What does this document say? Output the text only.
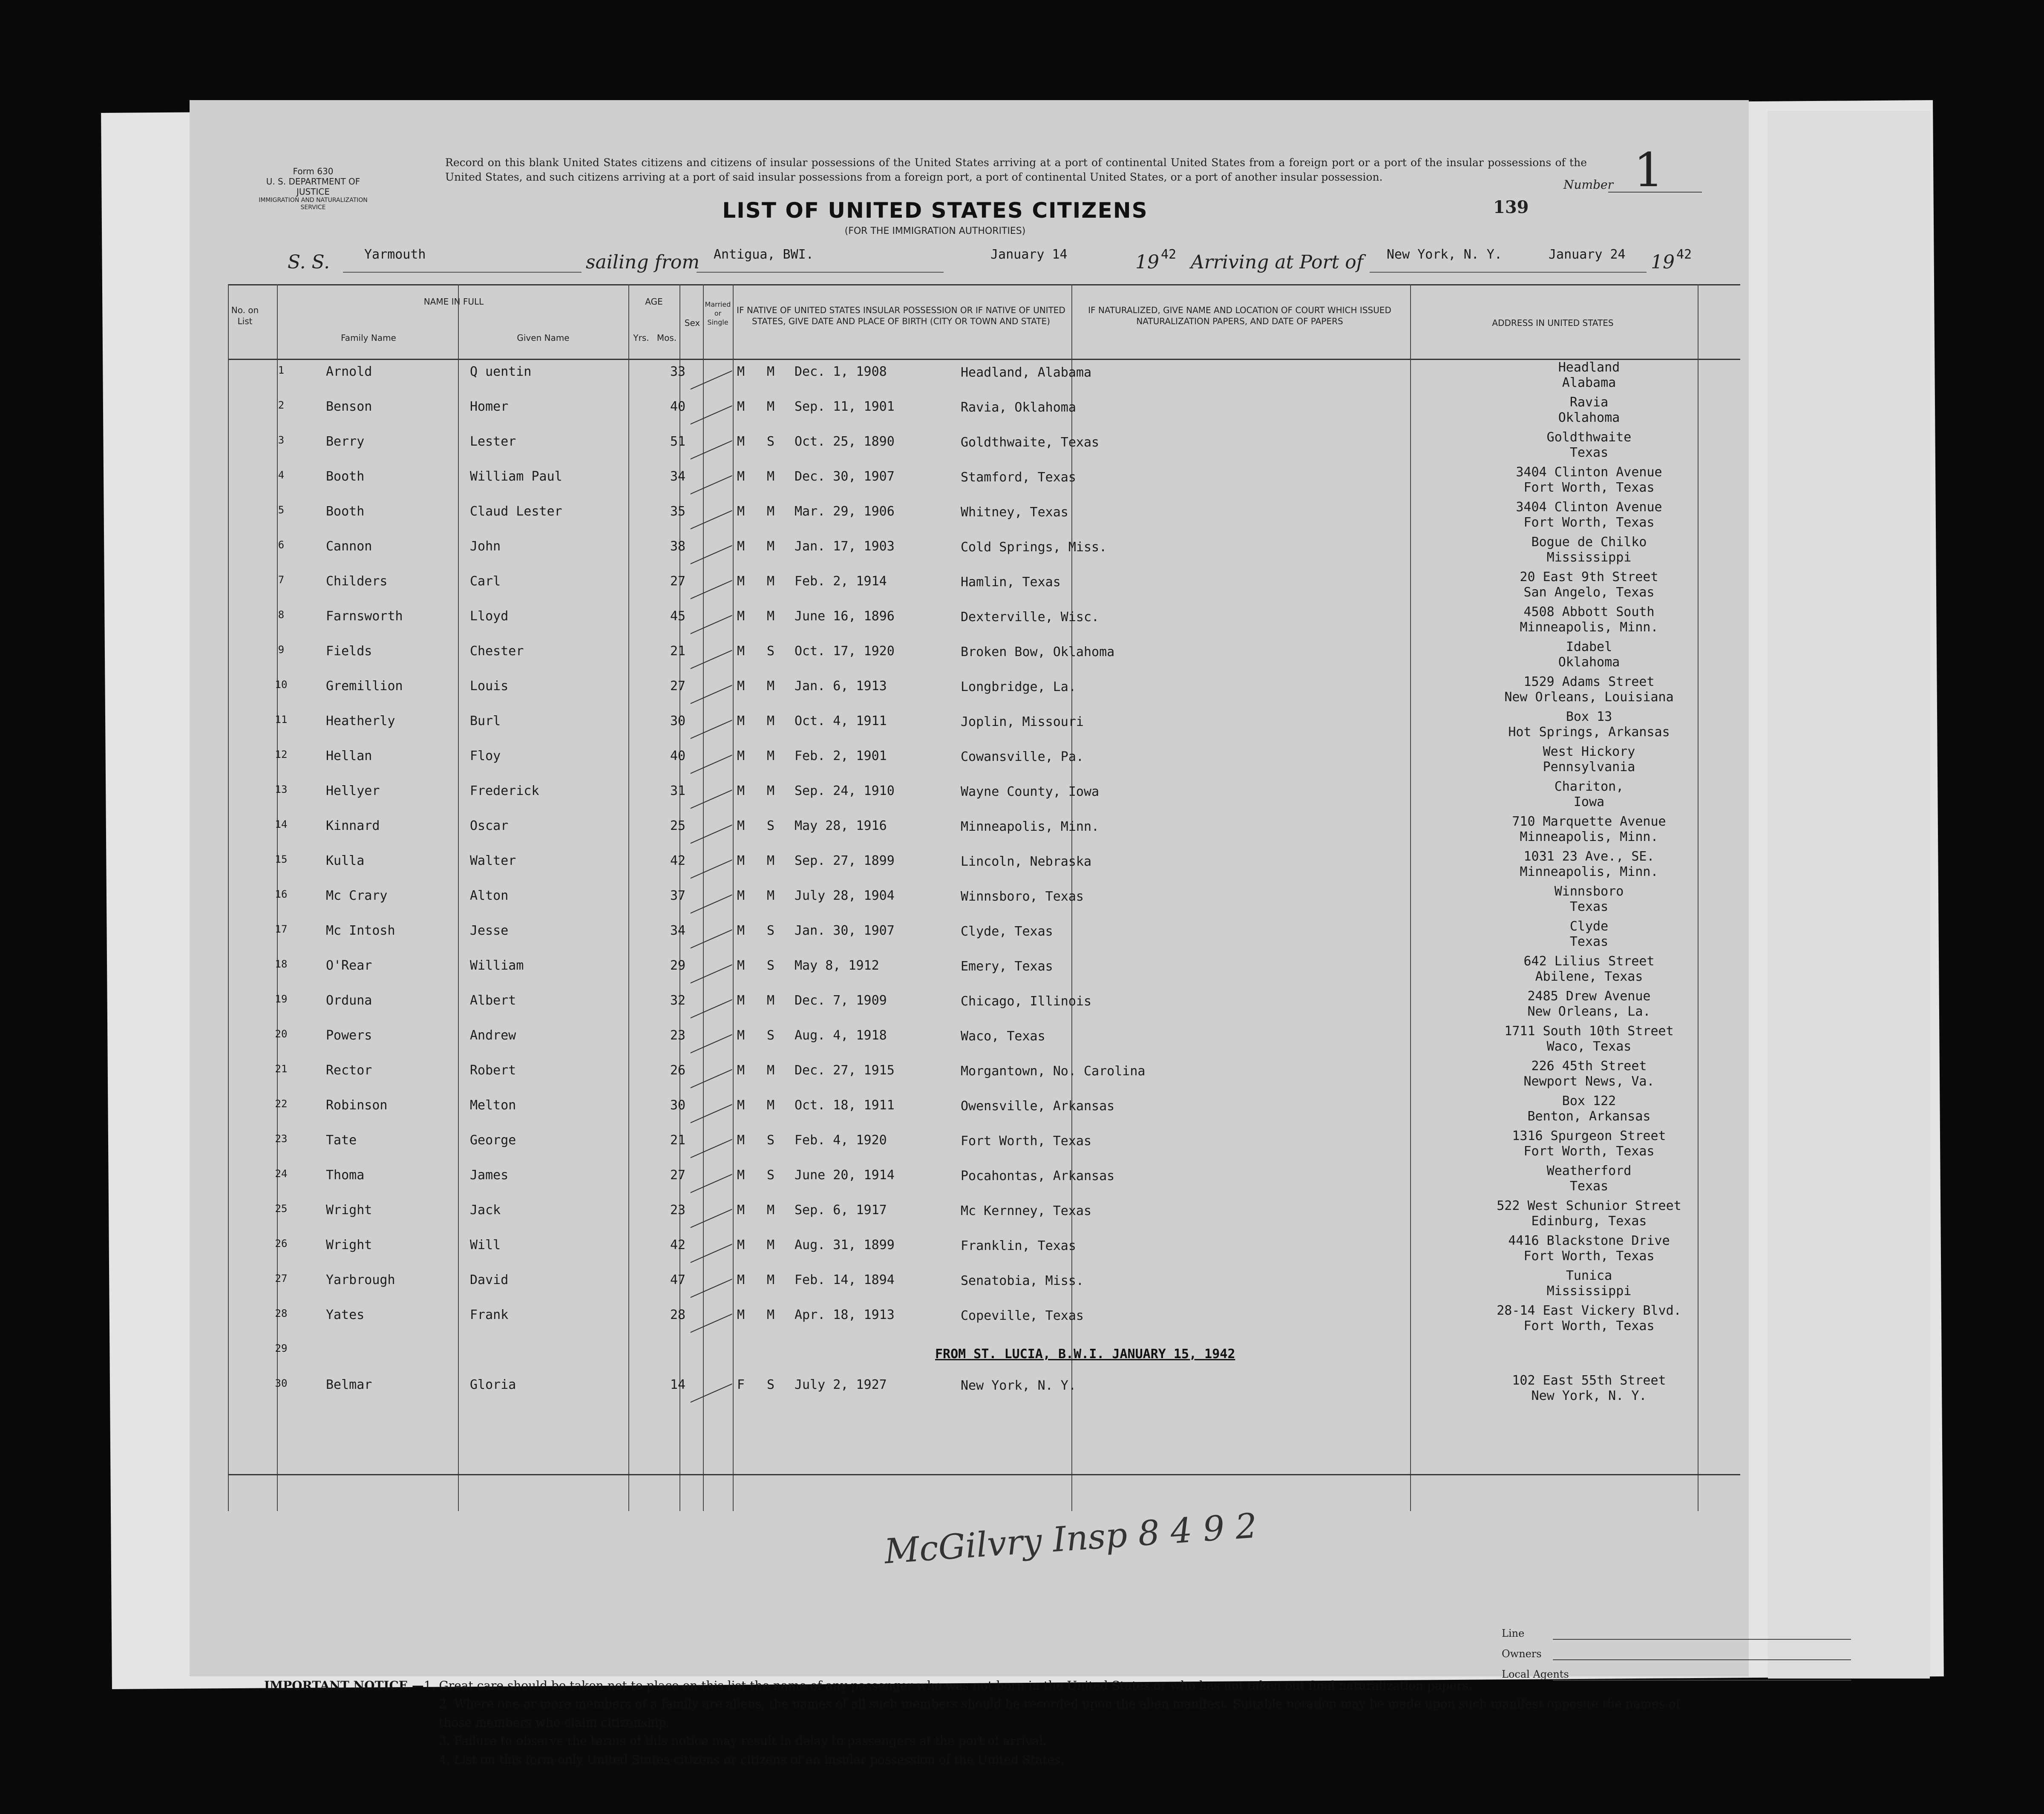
Form 630
U. S. DEPARTMENT OF JUSTICE
IMMIGRATION AND NATURALIZATION SERVICE
Record on this blank United States citizens and citizens of insular possessions of the United States arriving at a port of continental United States from a foreign port or a port of the insular possessions of the United States, and such citizens arriving at a port of said insular possessions from a foreign port, a port of continental United States, or a port of another insular possession.
Number 1
LIST OF UNITED STATES CITIZENS
(FOR THE IMMIGRATION AUTHORITIES)
139
S. S.	Yarmouth	sailing from Antigua, BWI.	January 14	19 42 Arriving at Port of New York, N. Y.	January 24 19 42
No. on List
NAME IN FULL
Family Name	Given Name
AGE
Yrs. Mos.
Sex
Married or Single
IF NATIVE OF UNITED STATES INSULAR POSSESSION OR IF NATIVE OF UNITED STATES, GIVE DATE AND PLACE OF BIRTH (CITY OR TOWN AND STATE)
IF NATURALIZED, GIVE NAME AND LOCATION OF COURT WHICH ISSUED NATURALIZATION PAPERS, AND DATE OF PAPERS	ADDRESS IN UNITED STATES
1	Arnold	Q uentin	33	M M Dec. 1, 1908	Headland, Alabama	Headland
Alabama
2	Benson	Homer	40	M M Sep. 11, 1901	Ravia, Oklahoma	Ravia
Oklahoma
3	Berry	Lester	51	M S Oct. 25, 1890	Goldthwaite, Texas	Goldthwaite
Texas
4	Booth	William Paul	34	M M Dec. 30, 1907	Stamford, Texas	3404 Clinton Avenue
Fort Worth, Texas
5	Booth	Claud Lester	35	M M Mar. 29, 1906	Whitney, Texas	3404 Clinton Avenue
Fort Worth, Texas
6	Cannon	John	38	M M Jan. 17, 1903	Cold Springs, Miss.	Bogue de Chilko
Mississippi
7	Childers	Carl	27	M M Feb. 2, 1914	Hamlin, Texas	20 East 9th Street
San Angelo, Texas
8	Farnsworth	Lloyd	45	M M June 16, 1896	Dexterville, Wisc.	4508 Abbott South
Minneapolis, Minn.
9	Fields	Chester	21	M S Oct. 17, 1920	Broken Bow, Oklahoma	Idabel
Oklahoma
10	Gremillion	Louis	27	M M Jan. 6, 1913	Longbridge, La.	1529 Adams Street
New Orleans, Louisiana
11	Heatherly	Burl	30	M M Oct. 4, 1911	Joplin, Missouri	Box 13
Hot Springs, Arkansas
12	Hellan	Floy	40	M M Feb. 2, 1901	Cowansville, Pa.	West Hickory
Pennsylvania
13	Hellyer	Frederick	31	M M Sep. 24, 1910	Wayne County, Iowa	Chariton,
Iowa
14	Kinnard	Oscar	25	M S May 28, 1916	Minneapolis, Minn.	710 Marquette Avenue
Minneapolis, Minn.
15	Kulla	Walter	42	M M Sep. 27, 1899	Lincoln, Nebraska	1031 23 Ave., SE.
Minneapolis, Minn.
16	Mc Crary	Alton	37	M M July 28, 1904	Winnsboro, Texas	Winnsboro
Texas
17	Mc Intosh	Jesse	34	M S Jan. 30, 1907	Clyde, Texas	Clyde
Texas
18	O'Rear	William	29	M S May 8, 1912	Emery, Texas	642 Lilius Street
Abilene, Texas
19	Orduna	Albert	32	M M Dec. 7, 1909	Chicago, Illinois	2485 Drew Avenue
New Orleans, La.
20	Powers	Andrew	23	M S Aug. 4, 1918	Waco, Texas	1711 South 10th Street
Waco, Texas
21	Rector	Robert	26	M M Dec. 27, 1915	Morgantown, No. Carolina	226 45th Street
Newport News, Va.
22	Robinson	Melton	30	M M Oct. 18, 1911	Owensville, Arkansas	Box 122
Benton, Arkansas
23	Tate	George	21	M S Feb. 4, 1920	Fort Worth, Texas	1316 Spurgeon Street
Fort Worth, Texas
24	Thoma	James	27	M S June 20, 1914	Pocahontas, Arkansas	Weatherford
Texas
25	Wright	Jack	23	M M Sep. 6, 1917	Mc Kernney, Texas	522 West Schunior Street
Edinburg, Texas
26	Wright	Will	42	M M Aug. 31, 1899	Franklin, Texas	4416 Blackstone Drive
Fort Worth, Texas
27	Yarbrough	David	47	M M Feb. 14, 1894	Senatobia, Miss.	Tunica
Mississippi
28	Yates	Frank	28	M M Apr. 18, 1913	Copeville, Texas	28-14 East Vickery Blvd.
Fort Worth, Texas
29
30	Belmar	Gloria	14	F S July 2, 1927	New York, N. Y.	102 East 55th Street
New York, N. Y.
FROM ST. LUCIA, B.W.I. JANUARY 15, 1942
McGilvry Insp 8 4 9 2
Line
Owners
Local Agents

IMPORTANT NOTICE.—1. Great care should be taken not to place on this list the name of any passenger who was not born in the United States or who has not taken out final naturalization papers.

2. Where one or more members of a family are aliens, the names of all such members should be recorded upon the alien manifest. Suitable notation may be made upon such manifest opposite the names of those members who claim citizenship.

3. Failure to observe the terms of this notice may result in delay to passengers at the port of arrival.

4. List on this form only United States citizens or citizens of an insular possession of the United States.
